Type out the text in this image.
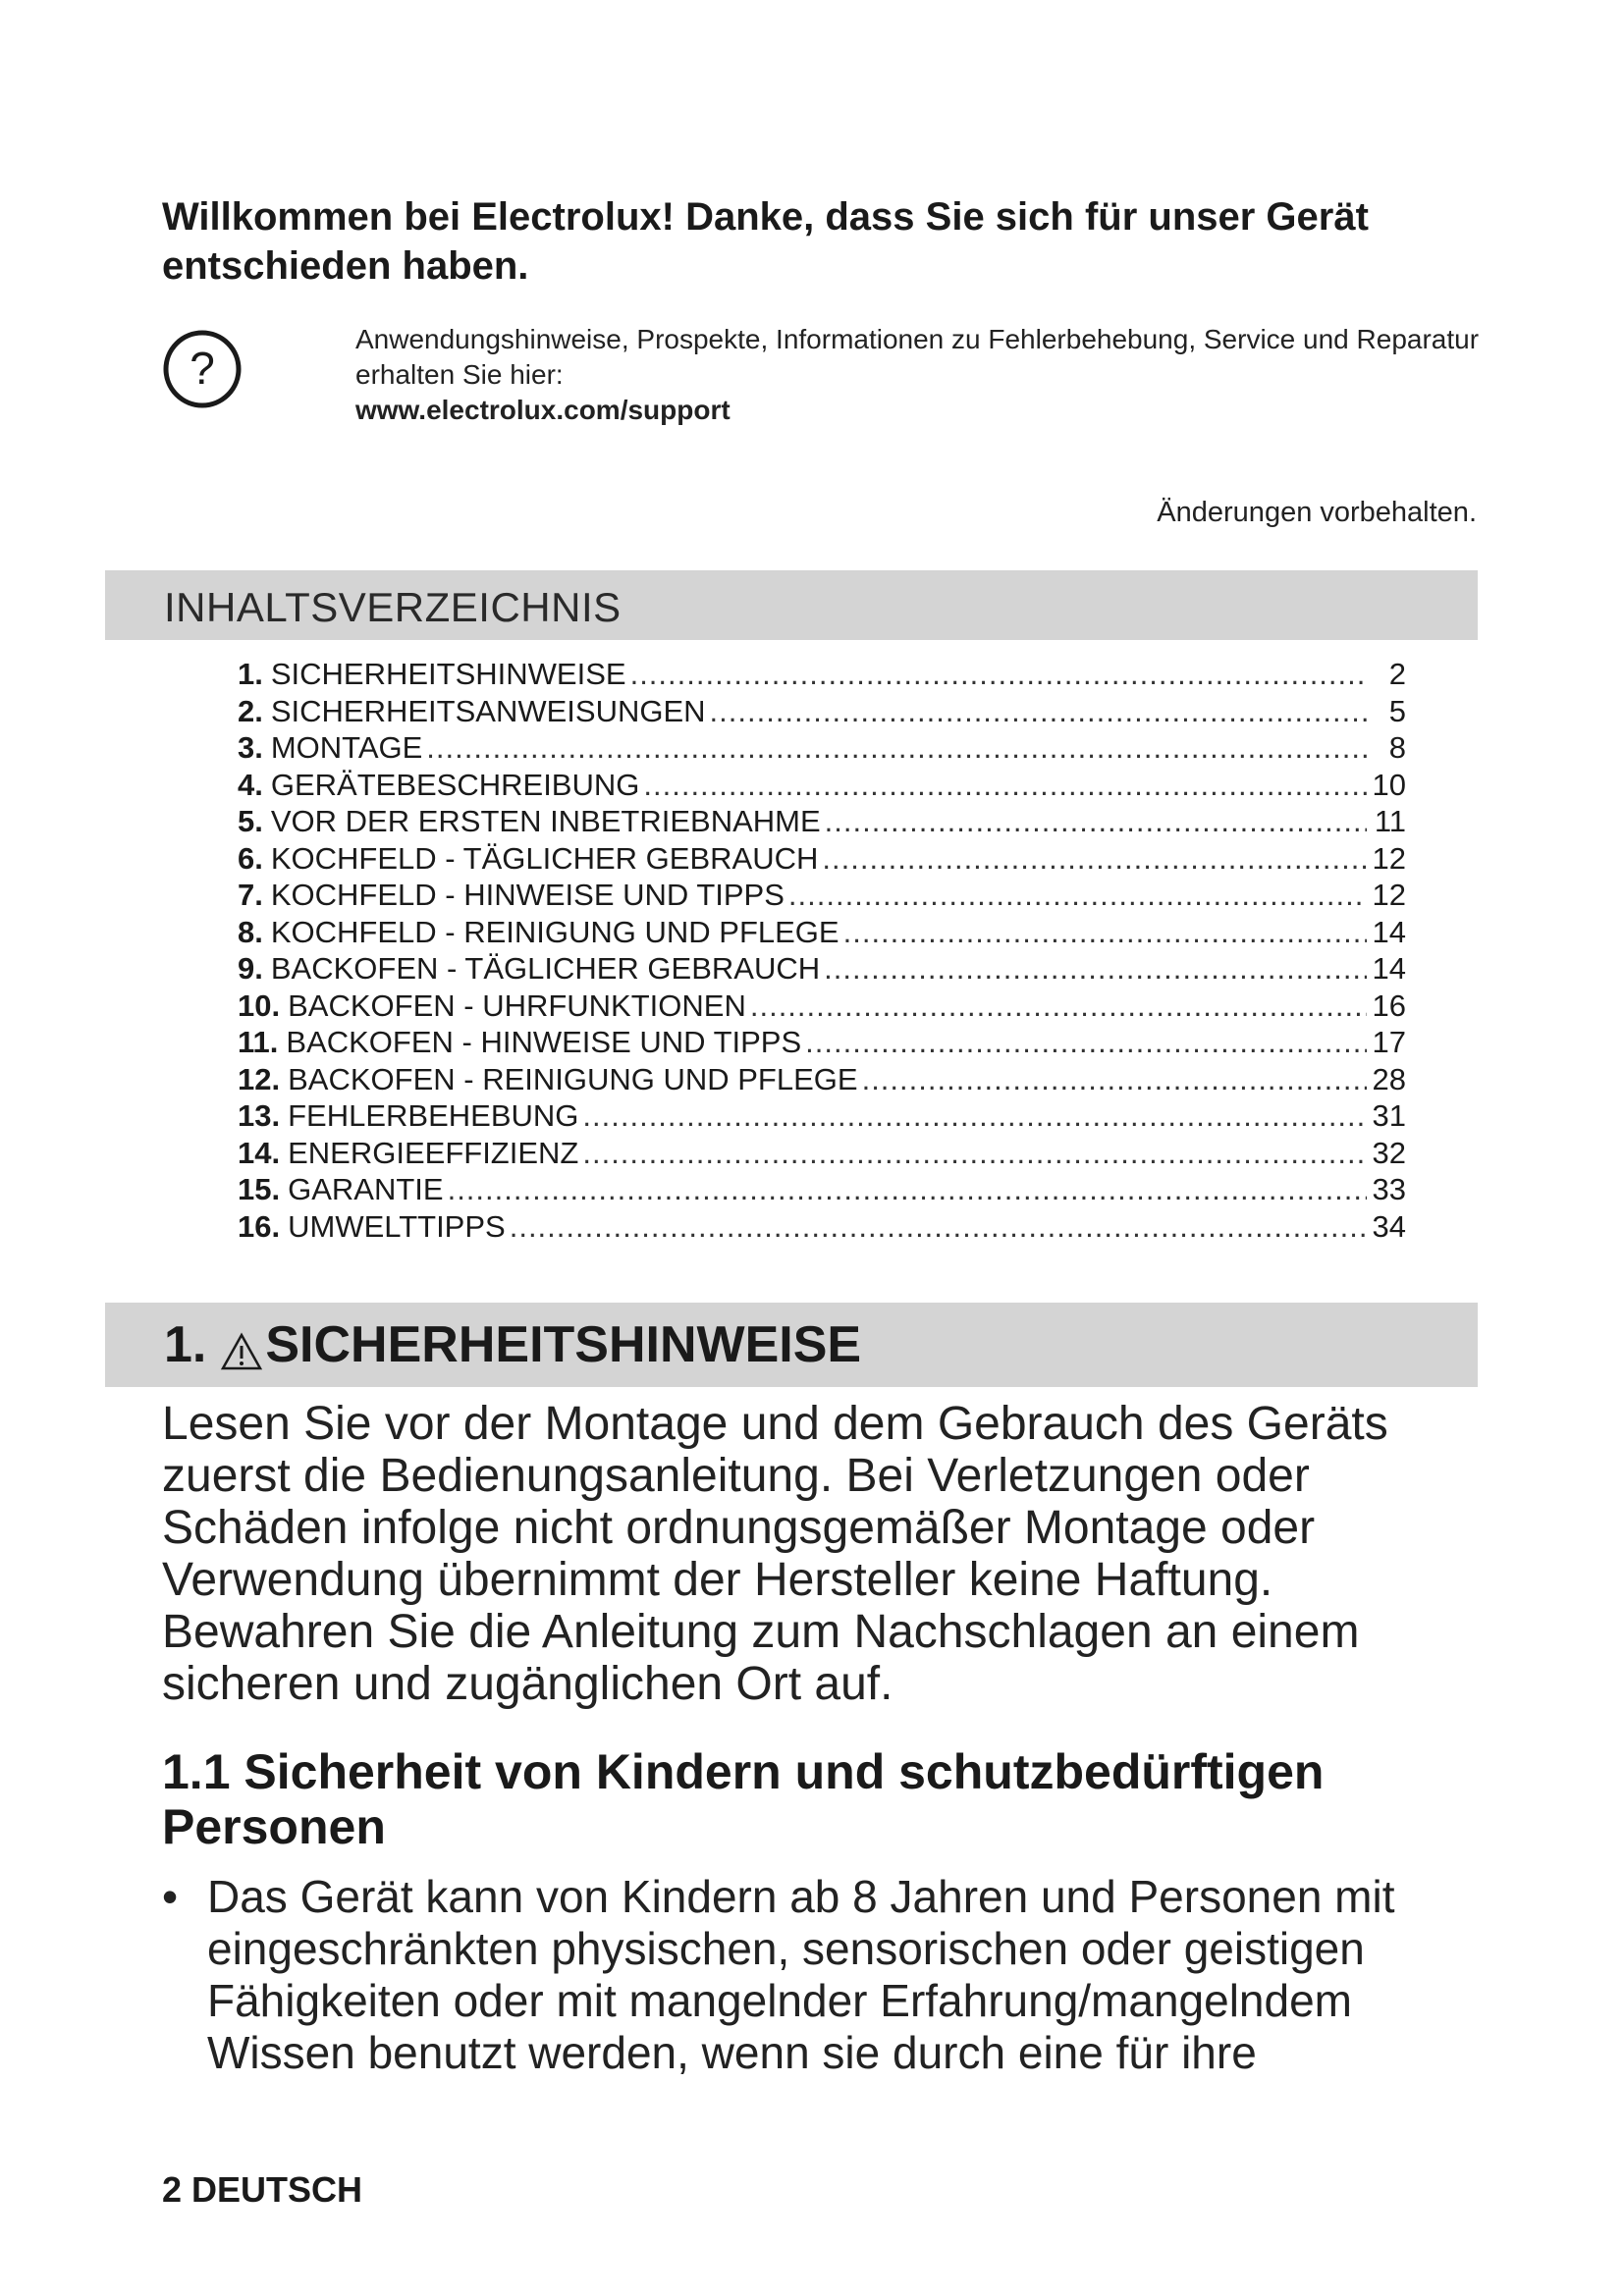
Willkommen bei Electrolux! Danke, dass Sie sich für unser Gerät entschieden haben.
?
Anwendungshinweise, Prospekte, Informationen zu Fehlerbehebung, Service und Reparatur erhalten Sie hier:
www.electrolux.com/support
Änderungen vorbehalten.
INHALTSVERZEICHNIS
1. SICHERHEITSHINWEISE .....	2
2. SICHERHEITSANWEISUNGEN .....	5
3. MONTAGE .....	8
4. GERÄTEBESCHREIBUNG .....	10
5. VOR DER ERSTEN INBETRIEBNAHME .....	11
6. KOCHFELD - TÄGLICHER GEBRAUCH .....	12
7. KOCHFELD - HINWEISE UND TIPPS .....	12
8. KOCHFELD - REINIGUNG UND PFLEGE .....	14
9. BACKOFEN - TÄGLICHER GEBRAUCH .....	14
10. BACKOFEN - UHRFUNKTIONEN .....	16
11. BACKOFEN - HINWEISE UND TIPPS .....	17
12. BACKOFEN - REINIGUNG UND PFLEGE .....	28
13. FEHLERBEHEBUNG .....	31
14. ENERGIEEFFIZIENZ .....	32
15. GARANTIE .....	33
16. UMWELTTIPPS .....	34
1. SICHERHEITSHINWEISE
Lesen Sie vor der Montage und dem Gebrauch des Geräts zuerst die Bedienungsanleitung. Bei Verletzungen oder Schäden infolge nicht ordnungsgemäßer Montage oder Verwendung übernimmt der Hersteller keine Haftung. Bewahren Sie die Anleitung zum Nachschlagen an einem sicheren und zugänglichen Ort auf.
1.1 Sicherheit von Kindern und schutzbedürftigen Personen
• Das Gerät kann von Kindern ab 8 Jahren und Personen mit eingeschränkten physischen, sensorischen oder geistigen Fähigkeiten oder mit mangelnder Erfahrung/mangelndem Wissen benutzt werden, wenn sie durch eine für ihre
2 DEUTSCH
